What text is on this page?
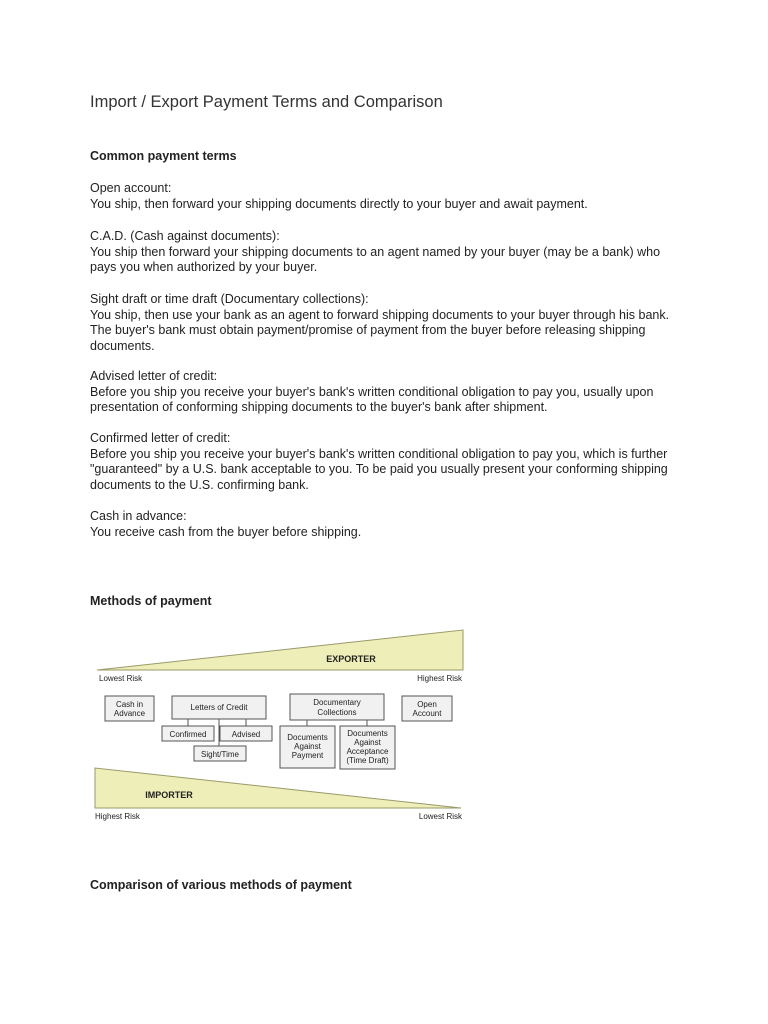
Import / Export Payment Terms and Comparison
Common payment terms
Open account:
You ship, then forward your shipping documents directly to your buyer and await payment.
C.A.D. (Cash against documents):
You ship then forward your shipping documents to an agent named by your buyer (may be a bank) who
pays you when authorized by your buyer.
Sight draft or time draft (Documentary collections):
You ship, then use your bank as an agent to forward shipping documents to your buyer through his bank.
The buyer's bank must obtain payment/promise of payment from the buyer before releasing shipping
documents.
Advised letter of credit:
Before you ship you receive your buyer's bank's written conditional obligation to pay you, usually upon
presentation of conforming shipping documents to the buyer's bank after shipment.
Confirmed letter of credit:
Before you ship you receive your buyer's bank's written conditional obligation to pay you, which is further
"guaranteed" by a U.S. bank acceptable to you. To be paid you usually present your conforming shipping
documents to the U.S. confirming bank.
Cash in advance:
You receive cash from the buyer before shipping.
Methods of payment
Comparison of various methods of payment
EXPORTER
Lowest Risk	Highest Risk
Cash in
Advance
Letters of Credit
Confirmed	Advised
Sight/Time
Documentary
Collections
Documents
Against
Payment
Documents
Against
Acceptance
(Time Draft)
Open
Account
IMPORTER
Highest Risk	Lowest Risk
